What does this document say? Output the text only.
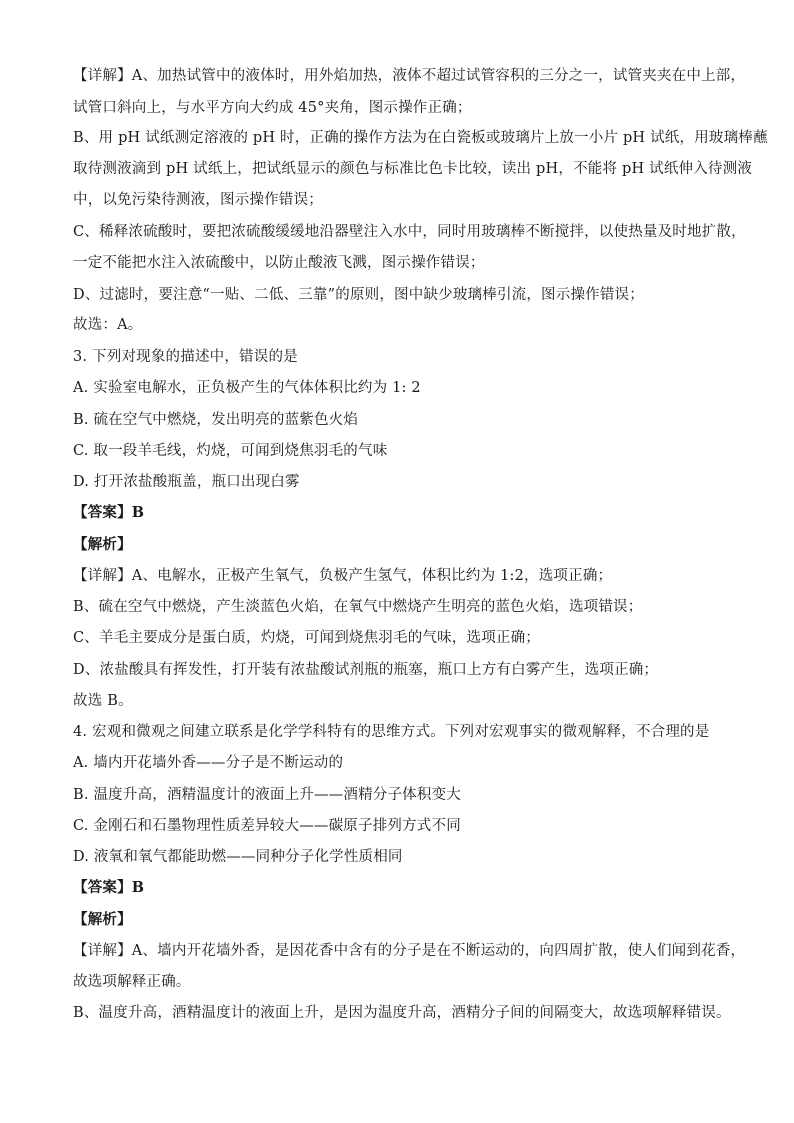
【详解】A、加热试管中的液体时，用外焰加热，液体不超过试管容积的三分之一，试管夹夹在中上部，
试管口斜向上，与水平方向大约成 45°夹角，图示操作正确；
B、用 pH 试纸测定溶液的 pH 时，正确的操作方法为在白瓷板或玻璃片上放一小片 pH 试纸，用玻璃棒蘸
取待测液滴到 pH 试纸上，把试纸显示的颜色与标准比色卡比较，读出 pH，不能将 pH 试纸伸入待测液
中，以免污染待测液，图示操作错误；
C、稀释浓硫酸时，要把浓硫酸缓缓地沿器壁注入水中，同时用玻璃棒不断搅拌，以使热量及时地扩散，
一定不能把水注入浓硫酸中，以防止酸液飞溅，图示操作错误；
D、过滤时，要注意“一贴、二低、三靠”的原则，图中缺少玻璃棒引流，图示操作错误；
故选：A。
3. 下列对现象的描述中，错误的是
A. 实验室电解水，正负极产生的气体体积比约为 1: 2
B. 硫在空气中燃烧，发出明亮的蓝紫色火焰
C. 取一段羊毛线，灼烧，可闻到烧焦羽毛的气味
D. 打开浓盐酸瓶盖，瓶口出现白雾
【答案】B
【解析】
【详解】A、电解水，正极产生氧气，负极产生氢气，体积比约为 1:2，选项正确；
B、硫在空气中燃烧，产生淡蓝色火焰，在氧气中燃烧产生明亮的蓝色火焰，选项错误；
C、羊毛主要成分是蛋白质，灼烧，可闻到烧焦羽毛的气味，选项正确；
D、浓盐酸具有挥发性，打开装有浓盐酸试剂瓶的瓶塞，瓶口上方有白雾产生，选项正确；
故选 B。
4. 宏观和微观之间建立联系是化学学科特有的思维方式。下列对宏观事实的微观解释，不合理的是
A. 墙内开花墙外香——分子是不断运动的
B. 温度升高，酒精温度计的液面上升——酒精分子体积变大
C. 金刚石和石墨物理性质差异较大——碳原子排列方式不同
D. 液氧和氧气都能助燃——同种分子化学性质相同
【答案】B
【解析】
【详解】A、墙内开花墙外香，是因花香中含有的分子是在不断运动的，向四周扩散，使人们闻到花香，
故选项解释正确。
B、温度升高，酒精温度计的液面上升，是因为温度升高，酒精分子间的间隔变大，故选项解释错误。
